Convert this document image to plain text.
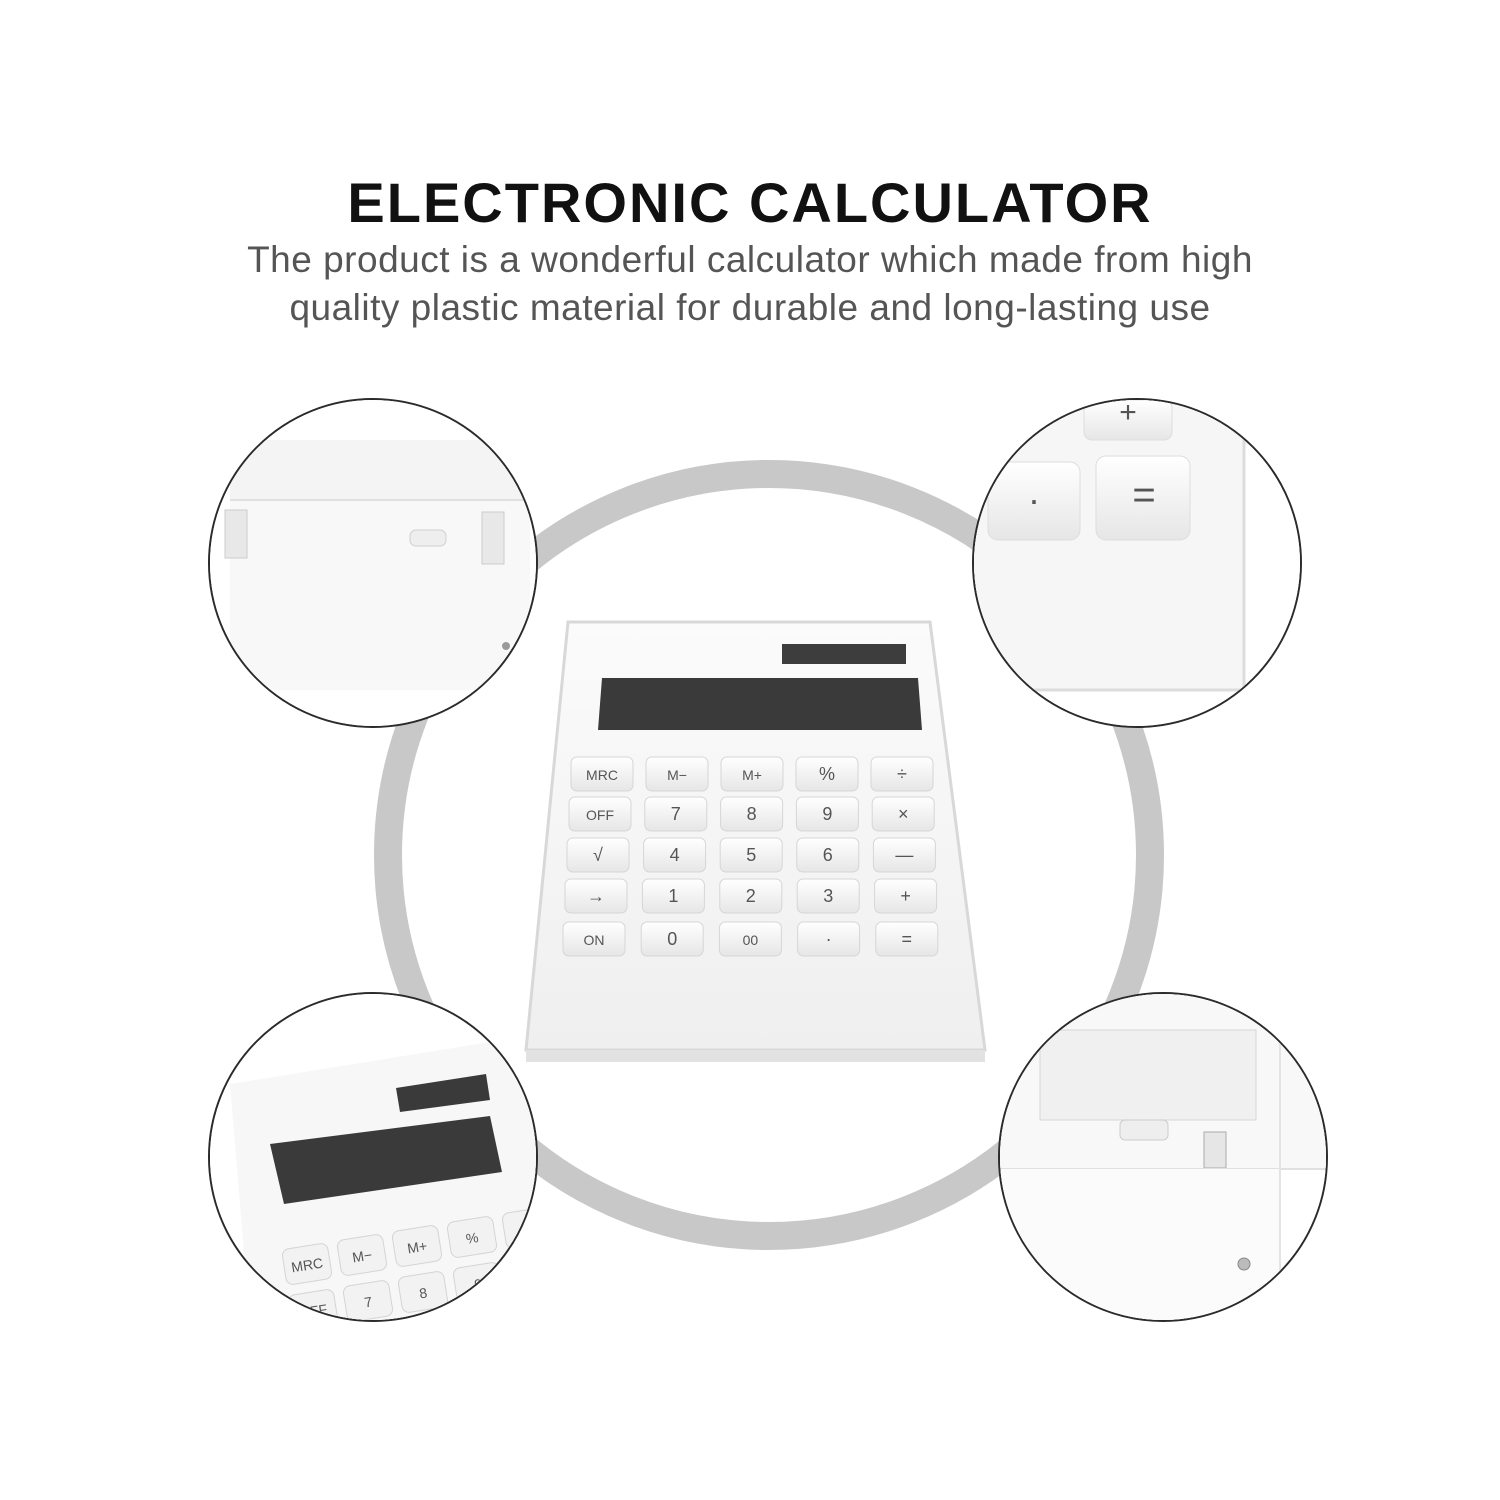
ELECTRONIC CALCULATOR

The product is a wonderful calculator which made from high
quality plastic material for durable and long-lasting use

MRC	M−	M+	%	÷
OFF	7	8	9	×
√	4	5	6	—
→	1	2	3	+
ON	0	00	·	=
+
· =
MRC M− M+	%
÷
OFF 7
8
9
